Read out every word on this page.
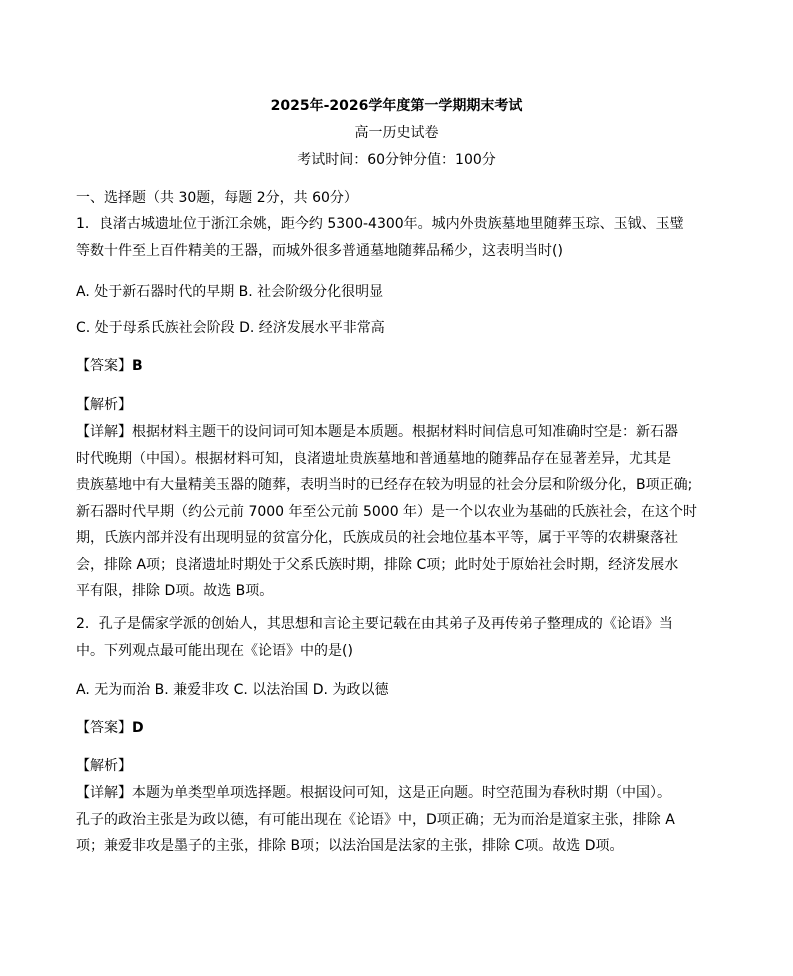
2025年-2026学年度第一学期期末考试
高一历史试卷
考试时间：60分钟分值：100分
一、选择题（共 30题，每题 2分，共 60分）
1．良渚古城遗址位于浙江余姚，距今约 5300-4300年。城内外贵族墓地里随葬玉琮、玉钺、玉璧
等数十件至上百件精美的王器，而城外很多普通墓地随葬品稀少，这表明当时()
A. 处于新石器时代的早期 B. 社会阶级分化很明显
C. 处于母系氏族社会阶段 D. 经济发展水平非常高
【答案】B
【解析】
【详解】根据材料主题干的设问词可知本题是本质题。根据材料时间信息可知准确时空是：新石器
时代晚期（中国）。根据材料可知，良渚遗址贵族墓地和普通墓地的随葬品存在显著差异，尤其是
贵族墓地中有大量精美玉器的随葬，表明当时的已经存在较为明显的社会分层和阶级分化，B项正确;
新石器时代早期（约公元前 7000 年至公元前 5000 年）是一个以农业为基础的氏族社会，在这个时
期，氏族内部并没有出现明显的贫富分化，氏族成员的社会地位基本平等，属于平等的农耕聚落社
会，排除 A项；良渚遗址时期处于父系氏族时期，排除 C项；此时处于原始社会时期，经济发展水
平有限，排除 D项。故选 B项。
2．孔子是儒家学派的创始人，其思想和言论主要记载在由其弟子及再传弟子整理成的《论语》当
中。下列观点最可能出现在《论语》中的是()
A. 无为而治 B. 兼爱非攻 C. 以法治国 D. 为政以德
【答案】D
【解析】
【详解】本题为单类型单项选择题。根据设问可知，这是正向题。时空范围为春秋时期（中国）。
孔子的政治主张是为政以德，有可能出现在《论语》中，D项正确；无为而治是道家主张，排除 A
项；兼爱非攻是墨子的主张，排除 B项；以法治国是法家的主张，排除 C项。故选 D项。
